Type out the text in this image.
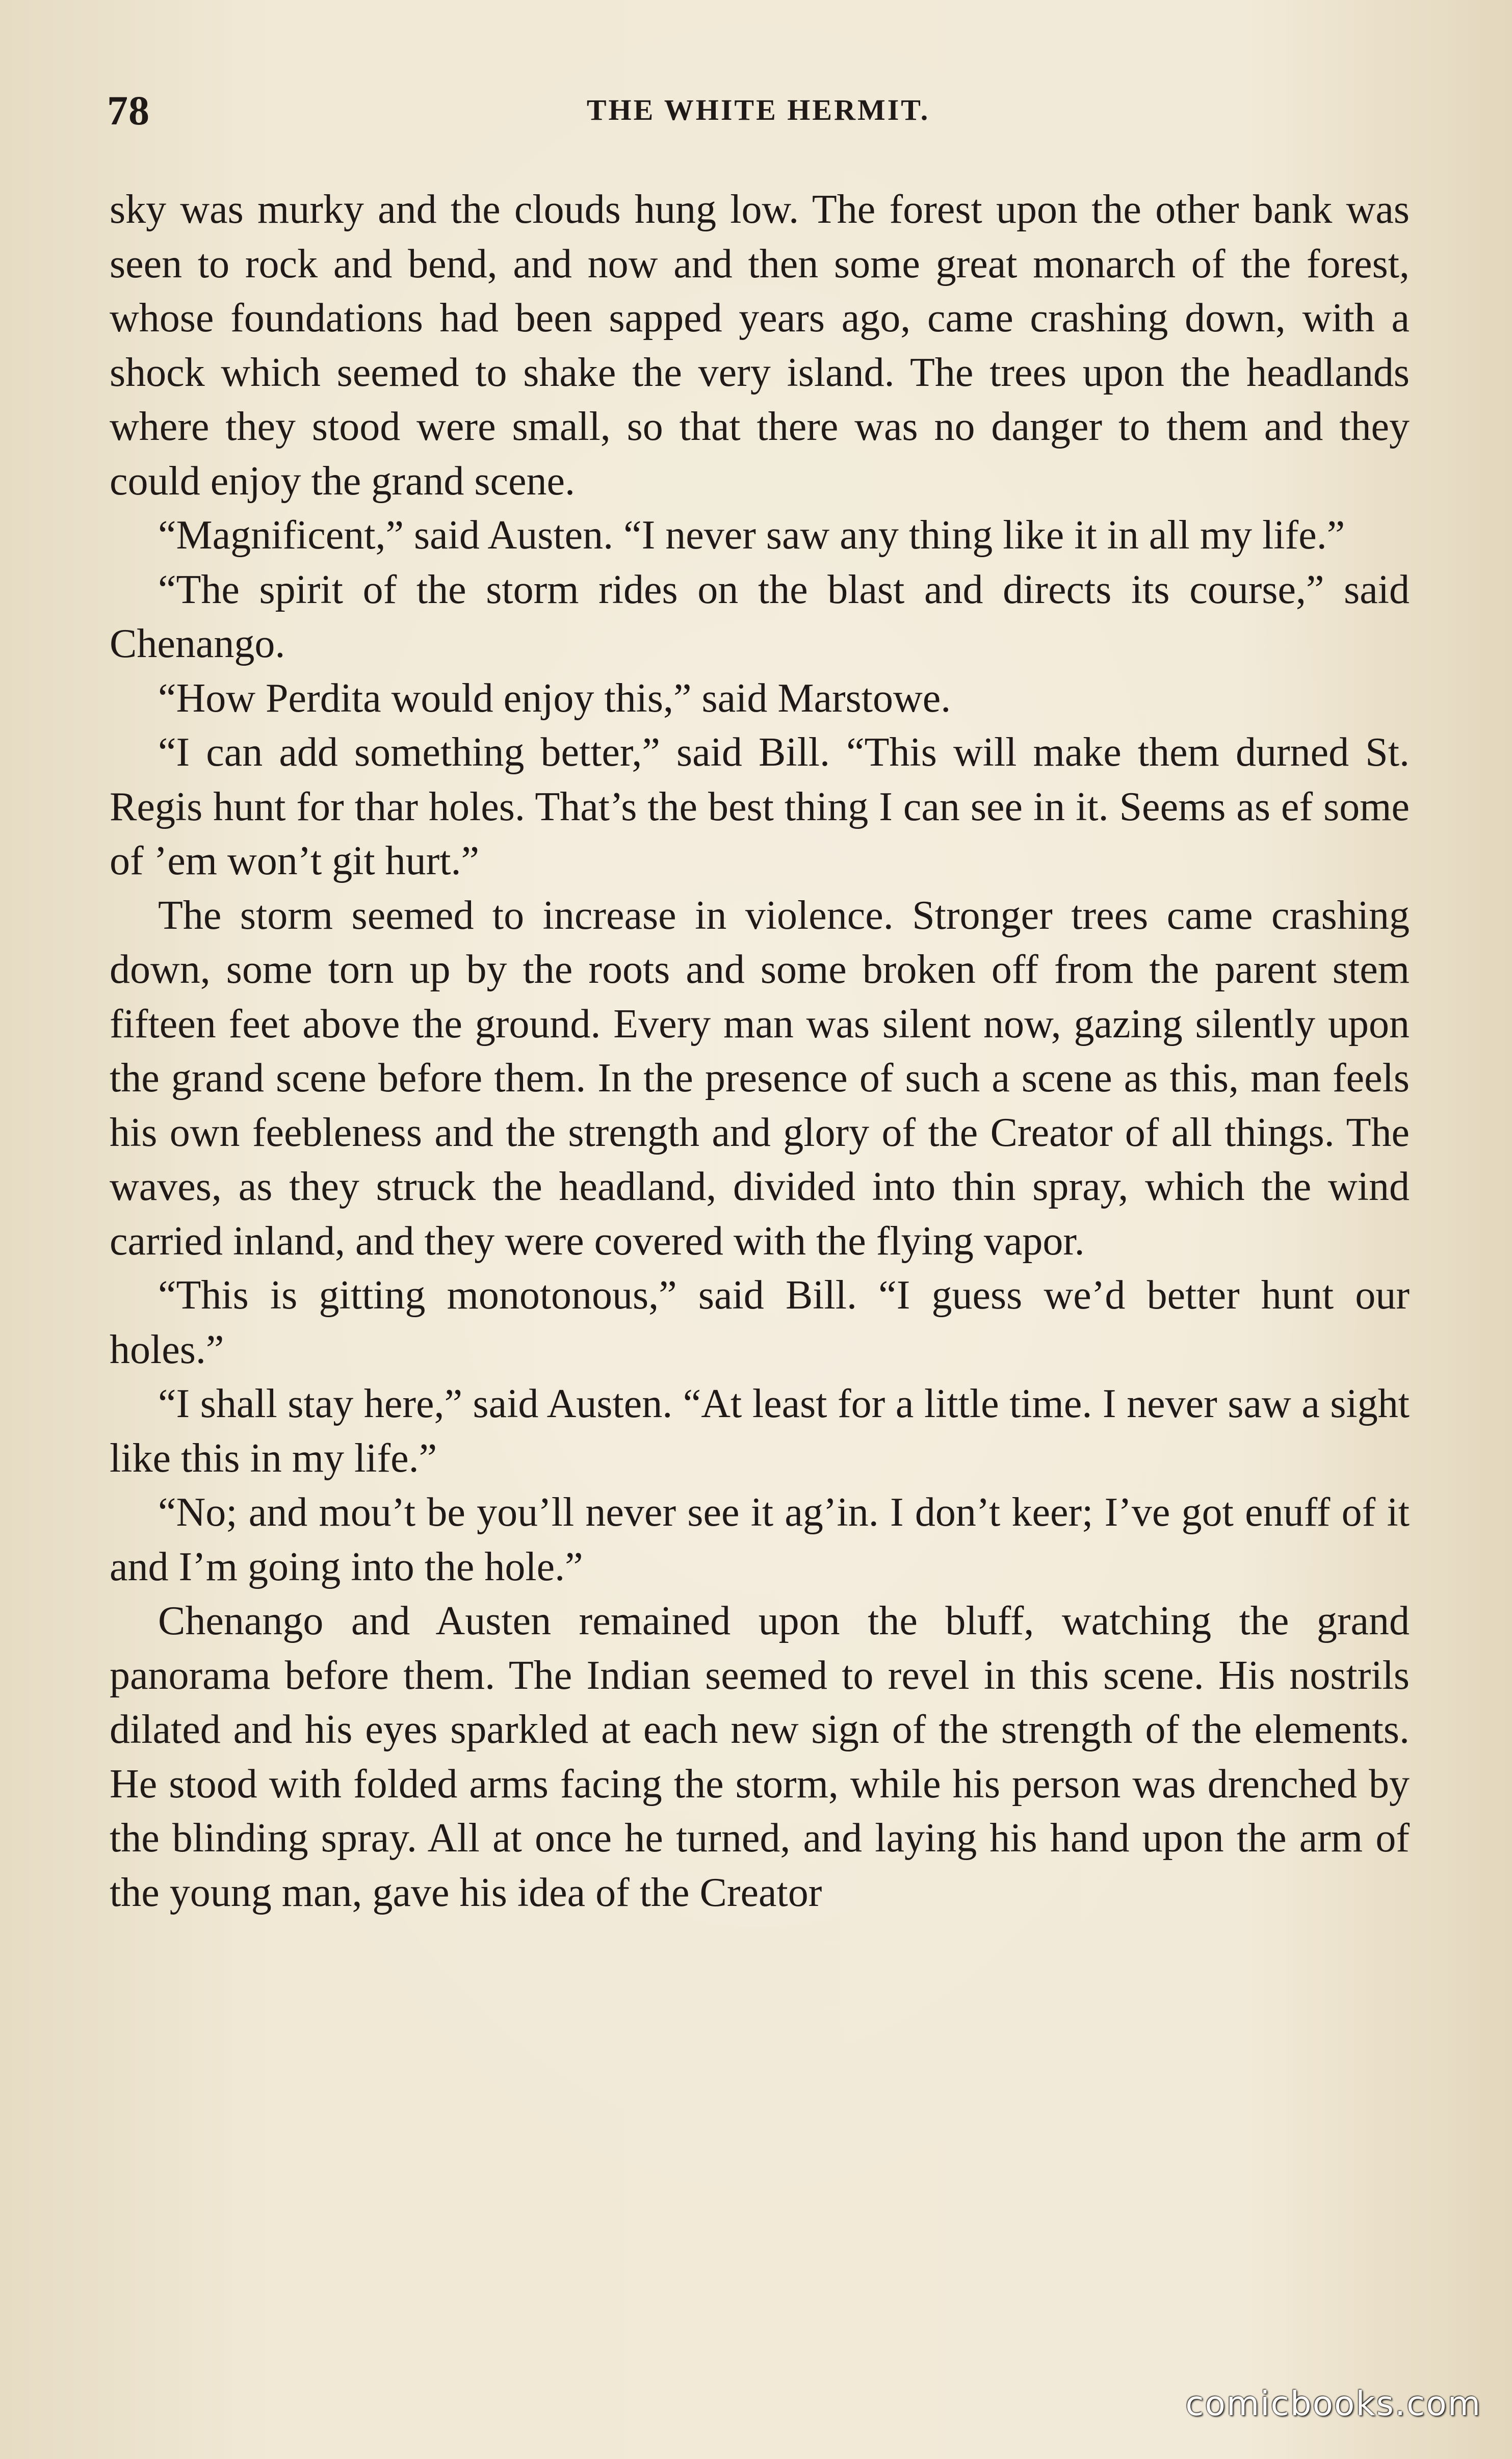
78	THE WHITE HERMIT.

sky was murky and the clouds hung low. The forest upon the other bank was seen to rock and bend, and now and then some great monarch of the forest, whose foundations had been sapped years ago, came crashing down, with a shock which seemed to shake the very island. The trees upon the headlands where they stood were small, so that there was no danger to them and they could enjoy the grand scene.

“Magnificent,” said Austen. “I never saw any thing like it in all my life.”

“The spirit of the storm rides on the blast and directs its course,” said Chenango.

“How Perdita would enjoy this,” said Marstowe.

“I can add something better,” said Bill. “This will make them durned St. Regis hunt for thar holes. That’s the best thing I can see in it. Seems as ef some of ’em won’t git hurt.”

The storm seemed to increase in violence. Stronger trees came crashing down, some torn up by the roots and some broken off from the parent stem fifteen feet above the ground. Every man was silent now, gazing silently upon the grand scene before them. In the presence of such a scene as this, man feels his own feebleness and the strength and glory of the Creator of all things. The waves, as they struck the headland, divided into thin spray, which the wind carried inland, and they were covered with the flying vapor.

“This is gitting monotonous,” said Bill. “I guess we’d better hunt our holes.”

“I shall stay here,” said Austen. “At least for a little time. I never saw a sight like this in my life.”

“No; and mou’t be you’ll never see it ag’in. I don’t keer; I’ve got enuff of it and I’m going into the hole.”

Chenango and Austen remained upon the bluff, watching the grand panorama before them. The Indian seemed to revel in this scene. His nostrils dilated and his eyes sparkled at each new sign of the strength of the elements. He stood with folded arms facing the storm, while his person was drenched by the blinding spray. All at once he turned, and laying his hand upon the arm of the young man, gave his idea of the Creator

comicbooks.com
